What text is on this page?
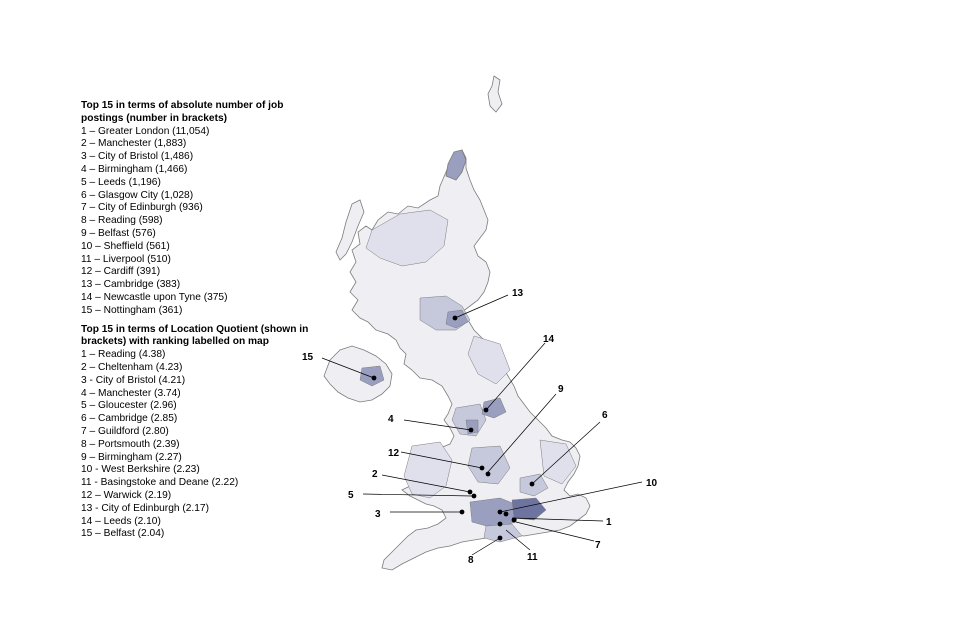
Top 15 in terms of absolute number of job postings (number in brackets)

1 – Greater London (11,054)
2 – Manchester (1,883)
3 – City of Bristol (1,486)
4 – Birmingham (1,466)
5 – Leeds (1,196)
6 – Glasgow City (1,028)
7 – City of Edinburgh (936)
8 – Reading (598)
9 – Belfast (576)
10 – Sheffield (561)
11 – Liverpool (510)
12 – Cardiff (391)
13 – Cambridge (383)
14 – Newcastle upon Tyne (375)
15 – Nottingham (361)

Top 15 in terms of Location Quotient (shown in brackets) with ranking labelled on map

1 – Reading (4.38)
2 – Cheltenham (4.23)
3 - City of Bristol (4.21)
4 – Manchester (3.74)
5 – Gloucester (2.96)
6 – Cambridge (2.85)
7 – Guildford (2.80)
8 – Portsmouth (2.39)
9 – Birmingham (2.27)
10 - West Berkshire (2.23)
11 - Basingstoke and Deane (2.22)
12 – Warwick (2.19)
13 - City of Edinburgh (2.17)
14 – Leeds (2.10)
15 – Belfast (2.04)
13
15
14
9
4	6
12
2
10
5
3
1
7
11
8
